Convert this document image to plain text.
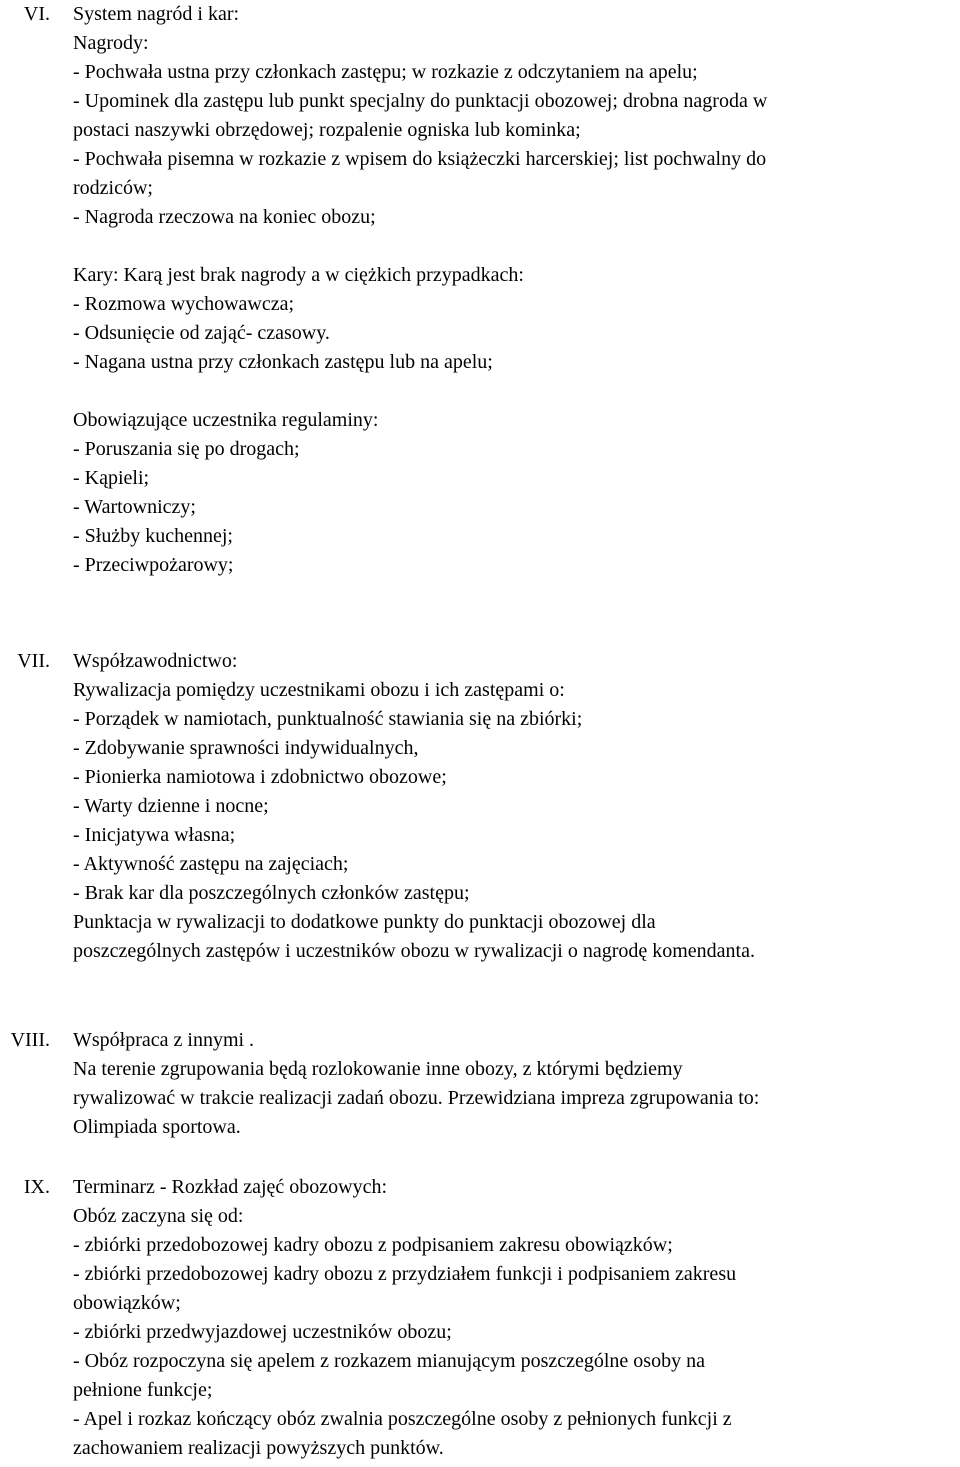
VI. System nagród i kar:
Nagrody:
- Pochwała ustna przy członkach zastępu; w rozkazie z odczytaniem na apelu;
- Upominek dla zastępu lub punkt specjalny do punktacji obozowej; drobna nagroda w
postaci naszywki obrzędowej; rozpalenie ogniska lub kominka;
- Pochwała pisemna w rozkazie z wpisem do książeczki harcerskiej; list pochwalny do
rodziców;
- Nagroda rzeczowa na koniec obozu;
Kary: Karą jest brak nagrody a w ciężkich przypadkach:
- Rozmowa wychowawcza;
- Odsunięcie od zająć- czasowy.
- Nagana ustna przy członkach zastępu lub na apelu;
Obowiązujące uczestnika regulaminy:
- Poruszania się po drogach;
- Kąpieli;
- Wartowniczy;
- Służby kuchennej;
- Przeciwpożarowy;
VII. Współzawodnictwo:
Rywalizacja pomiędzy uczestnikami obozu i ich zastępami o:
- Porządek w namiotach, punktualność stawiania się na zbiórki;
- Zdobywanie sprawności indywidualnych,
- Pionierka namiotowa i zdobnictwo obozowe;
- Warty dzienne i nocne;
- Inicjatywa własna;
- Aktywność zastępu na zajęciach;
- Brak kar dla poszczególnych członków zastępu;
Punktacja w rywalizacji to dodatkowe punkty do punktacji obozowej dla
poszczególnych zastępów i uczestników obozu w rywalizacji o nagrodę komendanta.
VIII. Współpraca z innymi .
Na terenie zgrupowania będą rozlokowanie inne obozy, z którymi będziemy
rywalizować w trakcie realizacji zadań obozu. Przewidziana impreza zgrupowania to:
Olimpiada sportowa.
IX. Terminarz - Rozkład zajęć obozowych:
Obóz zaczyna się od:
- zbiórki przedobozowej kadry obozu z podpisaniem zakresu obowiązków;
- zbiórki przedobozowej kadry obozu z przydziałem funkcji i podpisaniem zakresu
obowiązków;
- zbiórki przedwyjazdowej uczestników obozu;
- Obóz rozpoczyna się apelem z rozkazem mianującym poszczególne osoby na
pełnione funkcje;
- Apel i rozkaz kończący obóz zwalnia poszczególne osoby z pełnionych funkcji z
zachowaniem realizacji powyższych punktów.
